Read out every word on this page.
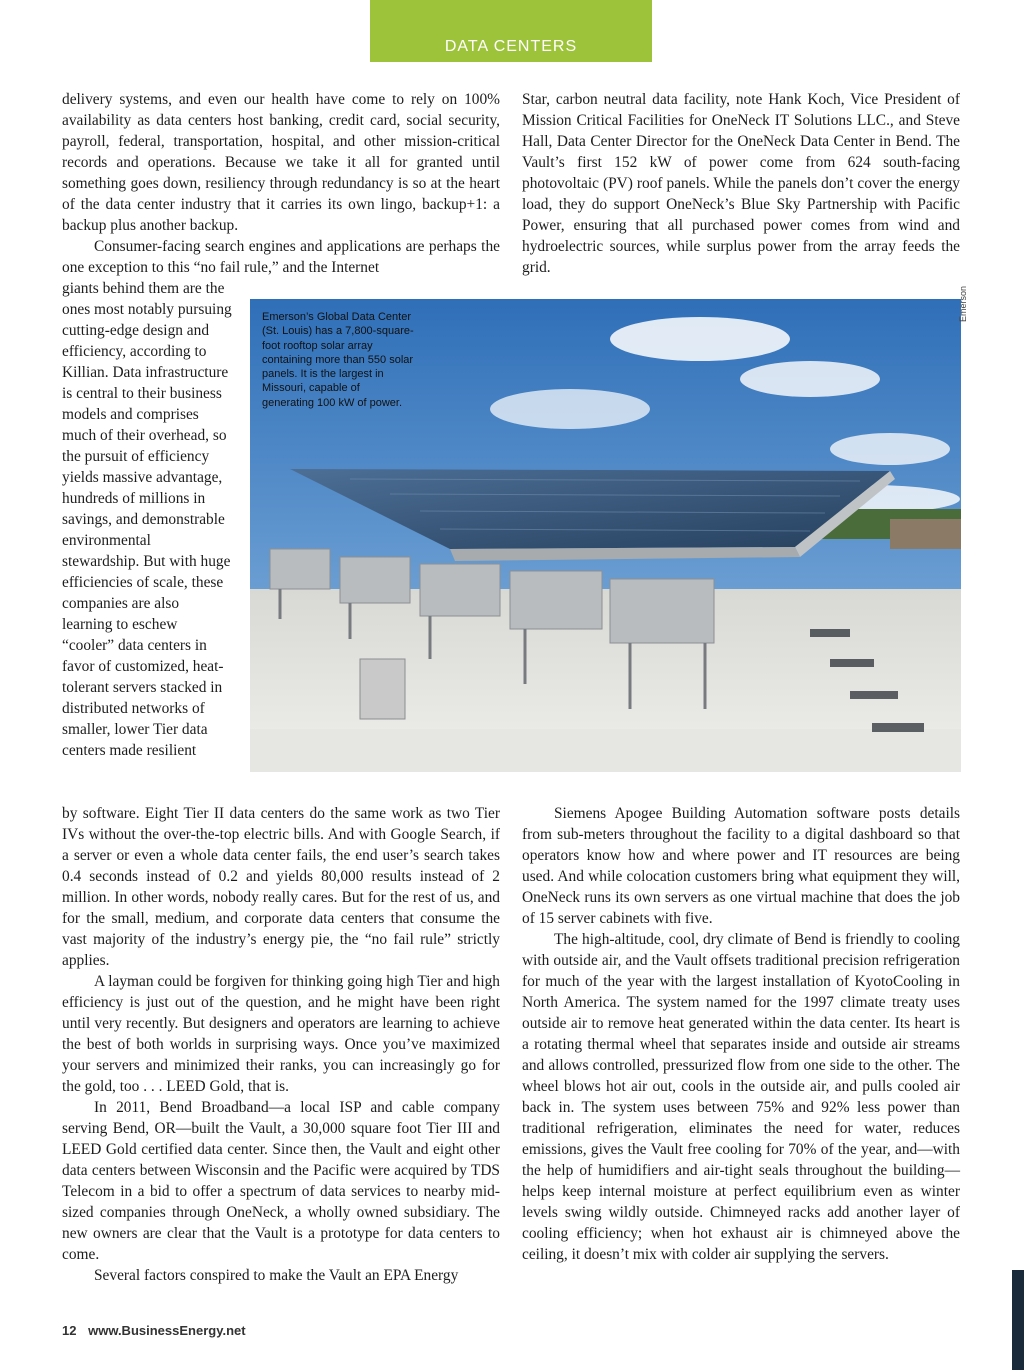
DATA CENTERS

delivery systems, and even our health have come to rely on 100% availability as data centers host banking, credit card, social security, payroll, federal, transportation, hospital, and other mission-critical records and operations. Because we take it all for granted until something goes down, resiliency through redundancy is so at the heart of the data center industry that it carries its own lingo, backup+1: a backup plus another backup.

Consumer-facing search engines and applications are perhaps the one exception to this “no fail rule,” and the Internet

giants behind them are the ones most notably pursuing cutting-edge design and efficiency, according to Killian. Data infrastructure is central to their business models and comprises much of their overhead, so the pursuit of efficiency yields massive advantage, hundreds of millions in savings, and demonstrable environmental stewardship. But with huge efficiencies of scale, these companies are also learning to eschew “cooler” data centers in favor of customized, heat-tolerant servers stacked in distributed networks of smaller, lower Tier data centers made resilient

Star, carbon neutral data facility, note Hank Koch, Vice President of Mission Critical Facilities for OneNeck IT Solutions LLC., and Steve Hall, Data Center Director for the OneNeck Data Center in Bend. The Vault’s first 152 kW of power come from 624 south-facing photovoltaic (PV) roof panels. While the panels don’t cover the energy load, they do support OneNeck’s Blue Sky Partnership with Pacific Power, ensuring that all purchased power comes from wind and hydroelectric sources, while surplus power from the array feeds the grid.

Emerson’s Global Data Center (St. Louis) has a 7,800-square-foot rooftop solar array containing more than 550 solar panels. It is the largest in Missouri, capable of generating 100 kW of power.
Emerson

by software. Eight Tier II data centers do the same work as two Tier IVs without the over-the-top electric bills. And with Google Search, if a server or even a whole data center fails, the end user’s search takes 0.4 seconds instead of 0.2 and yields 80,000 results instead of 2 million. In other words, nobody really cares. But for the rest of us, and for the small, medium, and corporate data centers that consume the vast majority of the industry’s energy pie, the “no fail rule” strictly applies.

A layman could be forgiven for thinking going high Tier and high efficiency is just out of the question, and he might have been right until very recently. But designers and operators are learning to achieve the best of both worlds in surprising ways. Once you’ve maximized your servers and minimized their ranks, you can increasingly go for the gold, too . . . LEED Gold, that is.

In 2011, Bend Broadband—a local ISP and cable company serving Bend, OR—built the Vault, a 30,000 square foot Tier III and LEED Gold certified data center. Since then, the Vault and eight other data centers between Wisconsin and the Pacific were acquired by TDS Telecom in a bid to offer a spectrum of data services to nearby mid-sized companies through OneNeck, a wholly owned subsidiary. The new owners are clear that the Vault is a prototype for data centers to come.

Several factors conspired to make the Vault an EPA Energy

Siemens Apogee Building Automation software posts details from sub-meters throughout the facility to a digital dashboard so that operators know how and where power and IT resources are being used. And while colocation customers bring what equipment they will, OneNeck runs its own servers as one virtual machine that does the job of 15 server cabinets with five.

The high-altitude, cool, dry climate of Bend is friendly to cooling with outside air, and the Vault offsets traditional precision refrigeration for much of the year with the largest installation of KyotoCooling in North America. The system named for the 1997 climate treaty uses outside air to remove heat generated within the data center. Its heart is a rotating thermal wheel that separates inside and outside air streams and allows controlled, pressurized flow from one side to the other. The wheel blows hot air out, cools in the outside air, and pulls cooled air back in. The system uses between 75% and 92% less power than traditional refrigeration, eliminates the need for water, reduces emissions, gives the Vault free cooling for 70% of the year, and—with the help of humidifiers and air-tight seals throughout the building—helps keep internal moisture at perfect equilibrium even as winter levels swing wildly outside. Chimneyed racks add another layer of cooling efficiency; when hot exhaust air is chimneyed above the ceiling, it doesn’t mix with colder air supplying the servers.

12 www.BusinessEnergy.net
